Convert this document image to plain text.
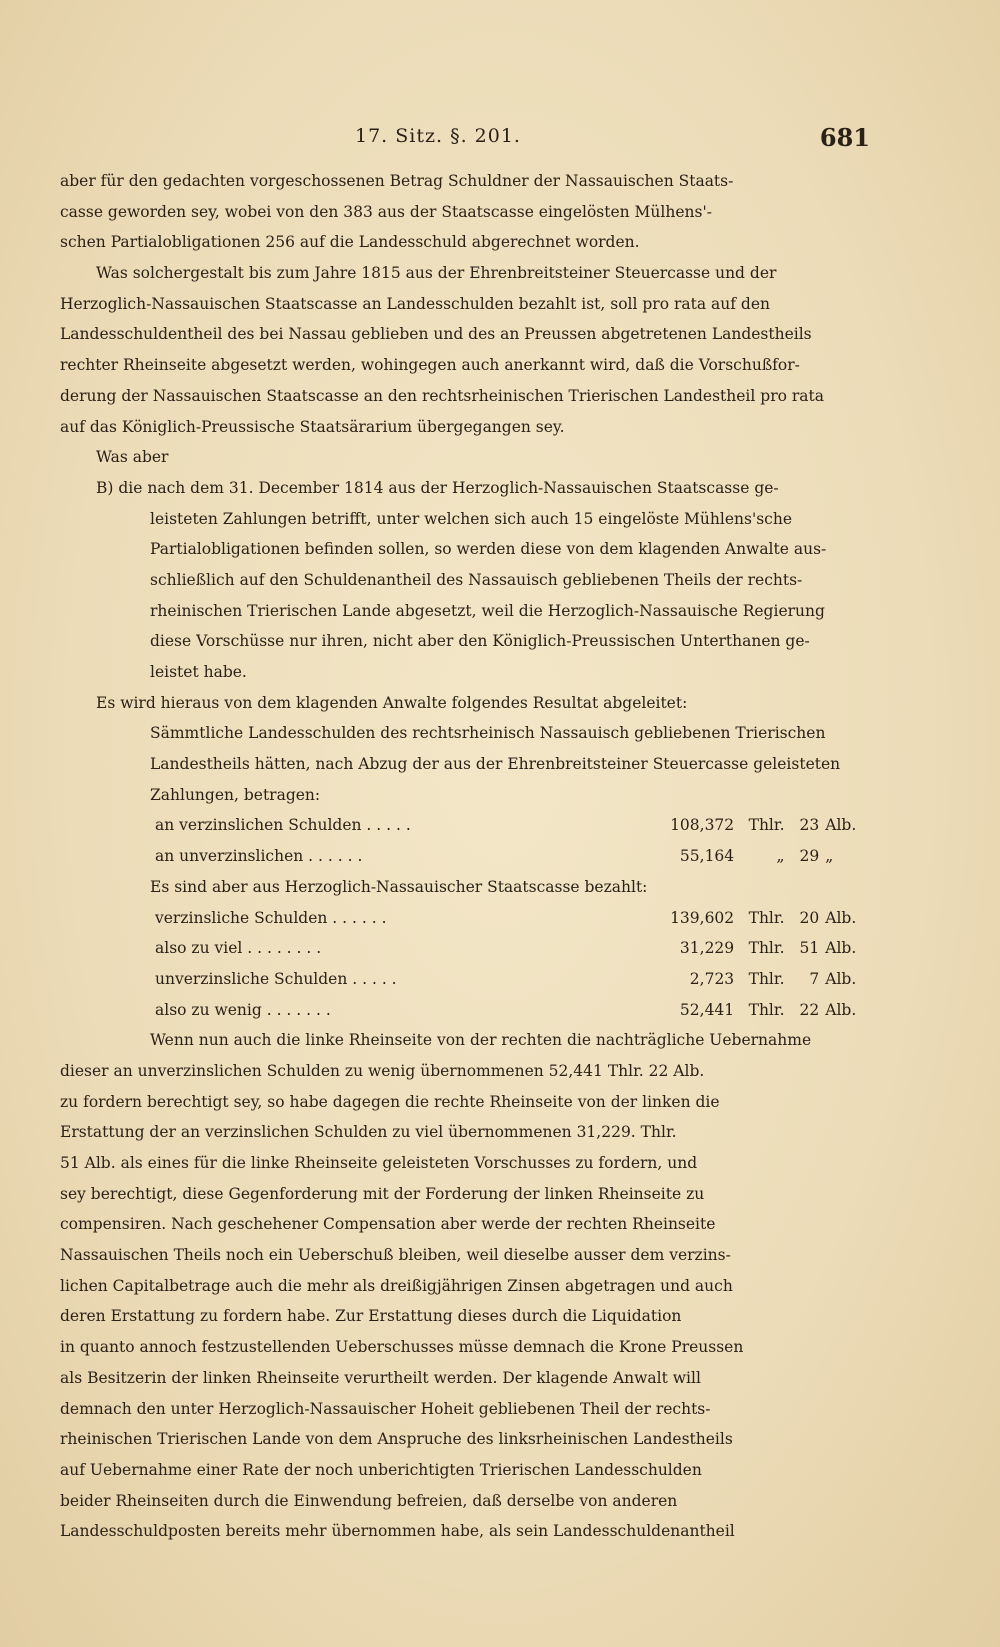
17. Sitz. §. 201.	681
aber für den gedachten vorgeschossenen Betrag Schuldner der Nassauischen Staats-
casse geworden sey, wobei von den 383 aus der Staatscasse eingelösten Mülhens'-
schen Partialobligationen 256 auf die Landesschuld abgerechnet worden.
Was solchergestalt bis zum Jahre 1815 aus der Ehrenbreitsteiner Steuercasse und der
Herzoglich-Nassauischen Staatscasse an Landesschulden bezahlt ist, soll pro rata auf den
Landesschuldentheil des bei Nassau geblieben und des an Preussen abgetretenen Landestheils
rechter Rheinseite abgesetzt werden, wohingegen auch anerkannt wird, daß die Vorschußfor-
derung der Nassauischen Staatscasse an den rechtsrheinischen Trierischen Landestheil pro rata
auf das Königlich-Preussische Staatsärarium übergegangen sey.
Was aber
B) die nach dem 31. December 1814 aus der Herzoglich-Nassauischen Staatscasse ge-
leisteten Zahlungen betrifft, unter welchen sich auch 15 eingelöste Mühlens'sche
Partialobligationen befinden sollen, so werden diese von dem klagenden Anwalte aus-
schließlich auf den Schuldenantheil des Nassauisch gebliebenen Theils der rechts-
rheinischen Trierischen Lande abgesetzt, weil die Herzoglich-Nassauische Regierung
diese Vorschüsse nur ihren, nicht aber den Königlich-Preussischen Unterthanen ge-
leistet habe.
Es wird hieraus von dem klagenden Anwalte folgendes Resultat abgeleitet:
Sämmtliche Landesschulden des rechtsrheinisch Nassauisch gebliebenen Trierischen
Landestheils hätten, nach Abzug der aus der Ehrenbreitsteiner Steuercasse geleisteten
Zahlungen, betragen:
an verzinslichen Schulden . . . . .	108,372 Thlr. 23 Alb.
an unverzinslichen . . . . . .	55,164	„ 29 „
Es sind aber aus Herzoglich-Nassauischer Staatscasse bezahlt:
verzinsliche Schulden . . . . . .	139,602 Thlr. 20 Alb.
also zu viel . . . . . . . .	31,229 Thlr. 51 Alb.
unverzinsliche Schulden . . . . .	2,723 Thlr.	7 Alb.
also zu wenig . . . . . . .	52,441 Thlr. 22 Alb.
Wenn nun auch die linke Rheinseite von der rechten die nachträgliche Uebernahme
dieser an unverzinslichen Schulden zu wenig übernommenen 52,441 Thlr. 22 Alb.
zu fordern berechtigt sey, so habe dagegen die rechte Rheinseite von der linken die
Erstattung der an verzinslichen Schulden zu viel übernommenen 31,229. Thlr.
51 Alb. als eines für die linke Rheinseite geleisteten Vorschusses zu fordern, und
sey berechtigt, diese Gegenforderung mit der Forderung der linken Rheinseite zu
compensiren. Nach geschehener Compensation aber werde der rechten Rheinseite
Nassauischen Theils noch ein Ueberschuß bleiben, weil dieselbe ausser dem verzins-
lichen Capitalbetrage auch die mehr als dreißigjährigen Zinsen abgetragen und auch
deren Erstattung zu fordern habe. Zur Erstattung dieses durch die Liquidation
in quanto annoch festzustellenden Ueberschusses müsse demnach die Krone Preussen
als Besitzerin der linken Rheinseite verurtheilt werden. Der klagende Anwalt will
demnach den unter Herzoglich-Nassauischer Hoheit gebliebenen Theil der rechts-
rheinischen Trierischen Lande von dem Anspruche des linksrheinischen Landestheils
auf Uebernahme einer Rate der noch unberichtigten Trierischen Landesschulden
beider Rheinseiten durch die Einwendung befreien, daß derselbe von anderen
Landesschuldposten bereits mehr übernommen habe, als sein Landesschuldenantheil
